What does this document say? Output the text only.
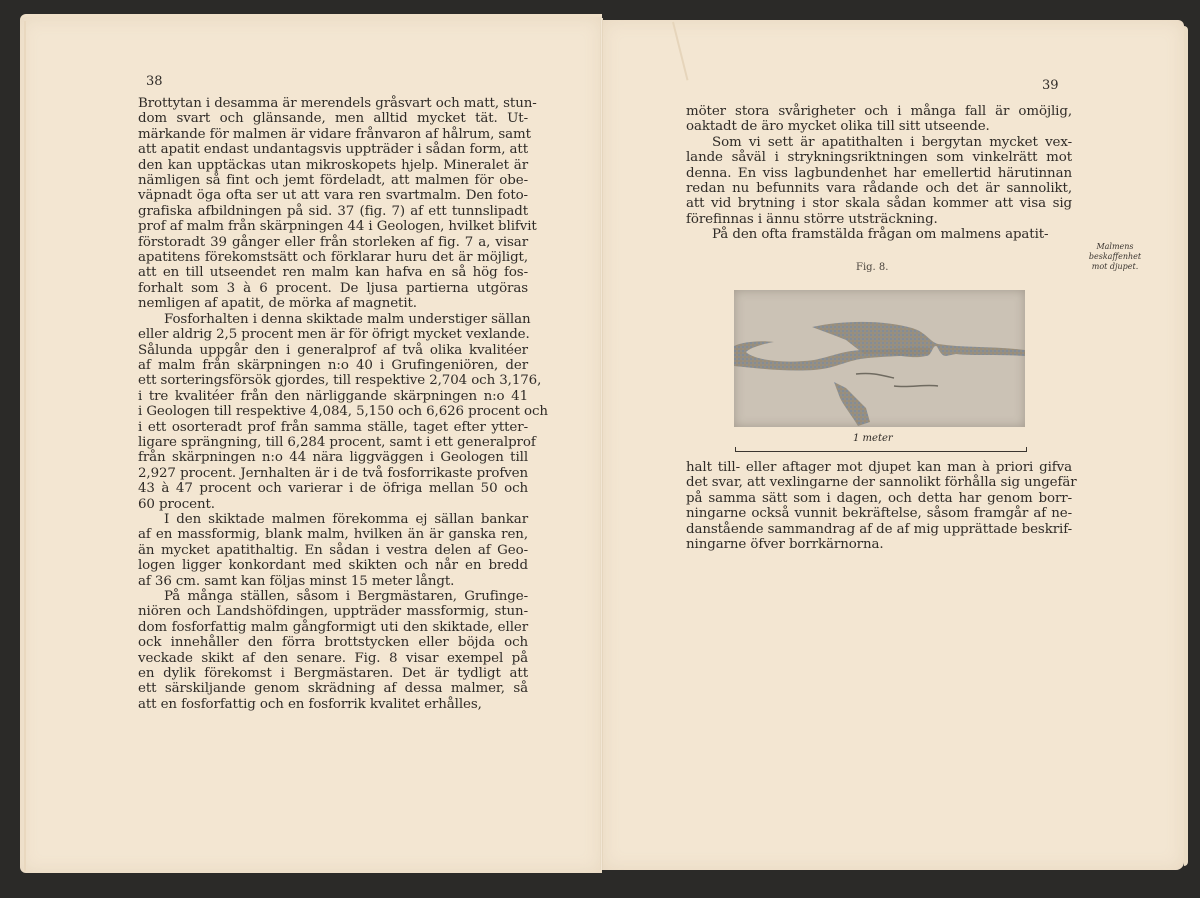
38	39

Brottytan i desamma är merendels gråsvart och matt, stun-
dom svart och glänsande, men alltid mycket tät. Ut-
märkande för malmen är vidare frånvaron af hålrum, samt
att apatit endast undantagsvis uppträder i sådan form, att
den kan upptäckas utan mikroskopets hjelp. Mineralet är
nämligen så fint och jemt fördeladt, att malmen för obe-
väpnadt öga ofta ser ut att vara ren svartmalm. Den foto-
grafiska afbildningen på sid. 37 (fig. 7) af ett tunnslipadt
prof af malm från skärpningen 44 i Geologen, hvilket blifvit
förstoradt 39 gånger eller från storleken af fig. 7 a, visar
apatitens förekomstsätt och förklarar huru det är möjligt,
att en till utseendet ren malm kan hafva en så hög fos-
forhalt som 3 à 6 procent. De ljusa partierna utgöras
nemligen af apatit, de mörka af magnetit.

Fosforhalten i denna skiktade malm understiger sällan
eller aldrig 2,5 procent men är för öfrigt mycket vexlande.
Sålunda uppgår den i generalprof af två olika kvalitéer
af malm från skärpningen n:o 40 i Grufingeniören, der
ett sorteringsförsök gjordes, till respektive 2,704 och 3,176,
i tre kvalitéer från den närliggande skärpningen n:o 41
i Geologen till respektive 4,084, 5,150 och 6,626 procent och
i ett osorteradt prof från samma ställe, taget efter ytter-
ligare sprängning, till 6,284 procent, samt i ett generalprof
från skärpningen n:o 44 nära liggväggen i Geologen till
2,927 procent. Jernhalten är i de två fosforrikaste profven
43 à 47 procent och varierar i de öfriga mellan 50 och
60 procent.

I den skiktade malmen förekomma ej sällan bankar
af en massformig, blank malm, hvilken än är ganska ren,
än mycket apatithaltig. En sådan i vestra delen af Geo-
logen ligger konkordant med skikten och når en bredd
af 36 cm. samt kan följas minst 15 meter långt.

På många ställen, såsom i Bergmästaren, Grufinge-
niören och Landshöfdingen, uppträder massformig, stun-
dom fosforfattig malm gångformigt uti den skiktade, eller
ock innehåller den förra brottstycken eller böjda och
veckade skikt af den senare. Fig. 8 visar exempel på
en dylik förekomst i Bergmästaren. Det är tydligt att
ett särskiljande genom skrädning af dessa malmer, så
att en fosforfattig och en fosforrik kvalitet erhålles,

möter stora svårigheter och i många fall är omöjlig,
oaktadt de äro mycket olika till sitt utseende.

Som vi sett är apatithalten i bergytan mycket vex-
lande såväl i strykningsriktningen som vinkelrätt mot
denna. En viss lagbundenhet har emellertid härutinnan
redan nu befunnits vara rådande och det är sannolikt,
att vid brytning i stor skala sådan kommer att visa sig
förefinnas i ännu större utsträckning.

På den ofta framstälda frågan om malmens apatit-

Malmens
beskaffenhet
mot djupet.
Fig. 8.
1 meter

halt till- eller aftager mot djupet kan man à priori gifva
det svar, att vexlingarne der sannolikt förhålla sig ungefär
på samma sätt som i dagen, och detta har genom borr-
ningarne också vunnit bekräftelse, såsom framgår af ne-
danstående sammandrag af de af mig upprättade beskrif-
ningarne öfver borrkärnorna.
